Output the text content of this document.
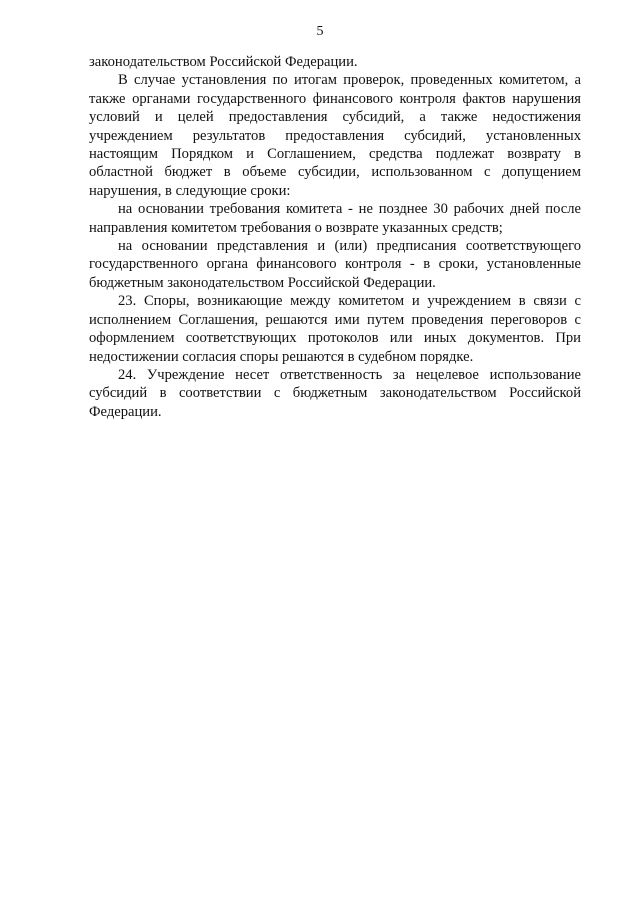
5

законодательством Российской Федерации.

В случае установления по итогам проверок, проведенных комитетом, а также органами государственного финансового контроля фактов нарушения условий и целей предоставления субсидий, а также недостижения учреждением результатов предоставления субсидий, установленных настоящим Порядком и Соглашением, средства подлежат возврату в областной бюджет в объеме субсидии, использованном с допущением нарушения, в следующие сроки:

на основании требования комитета - не позднее 30 рабочих дней после направления комитетом требования о возврате указанных средств;

на основании представления и (или) предписания соответствующего государственного органа финансового контроля - в сроки, установленные бюджетным законодательством Российской Федерации.

23. Споры, возникающие между комитетом и учреждением в связи с исполнением Соглашения, решаются ими путем проведения переговоров с оформлением соответствующих протоколов или иных документов. При недостижении согласия споры решаются в судебном порядке.

24. Учреждение несет ответственность за нецелевое использование субсидий в соответствии с бюджетным законодательством Российской Федерации.
